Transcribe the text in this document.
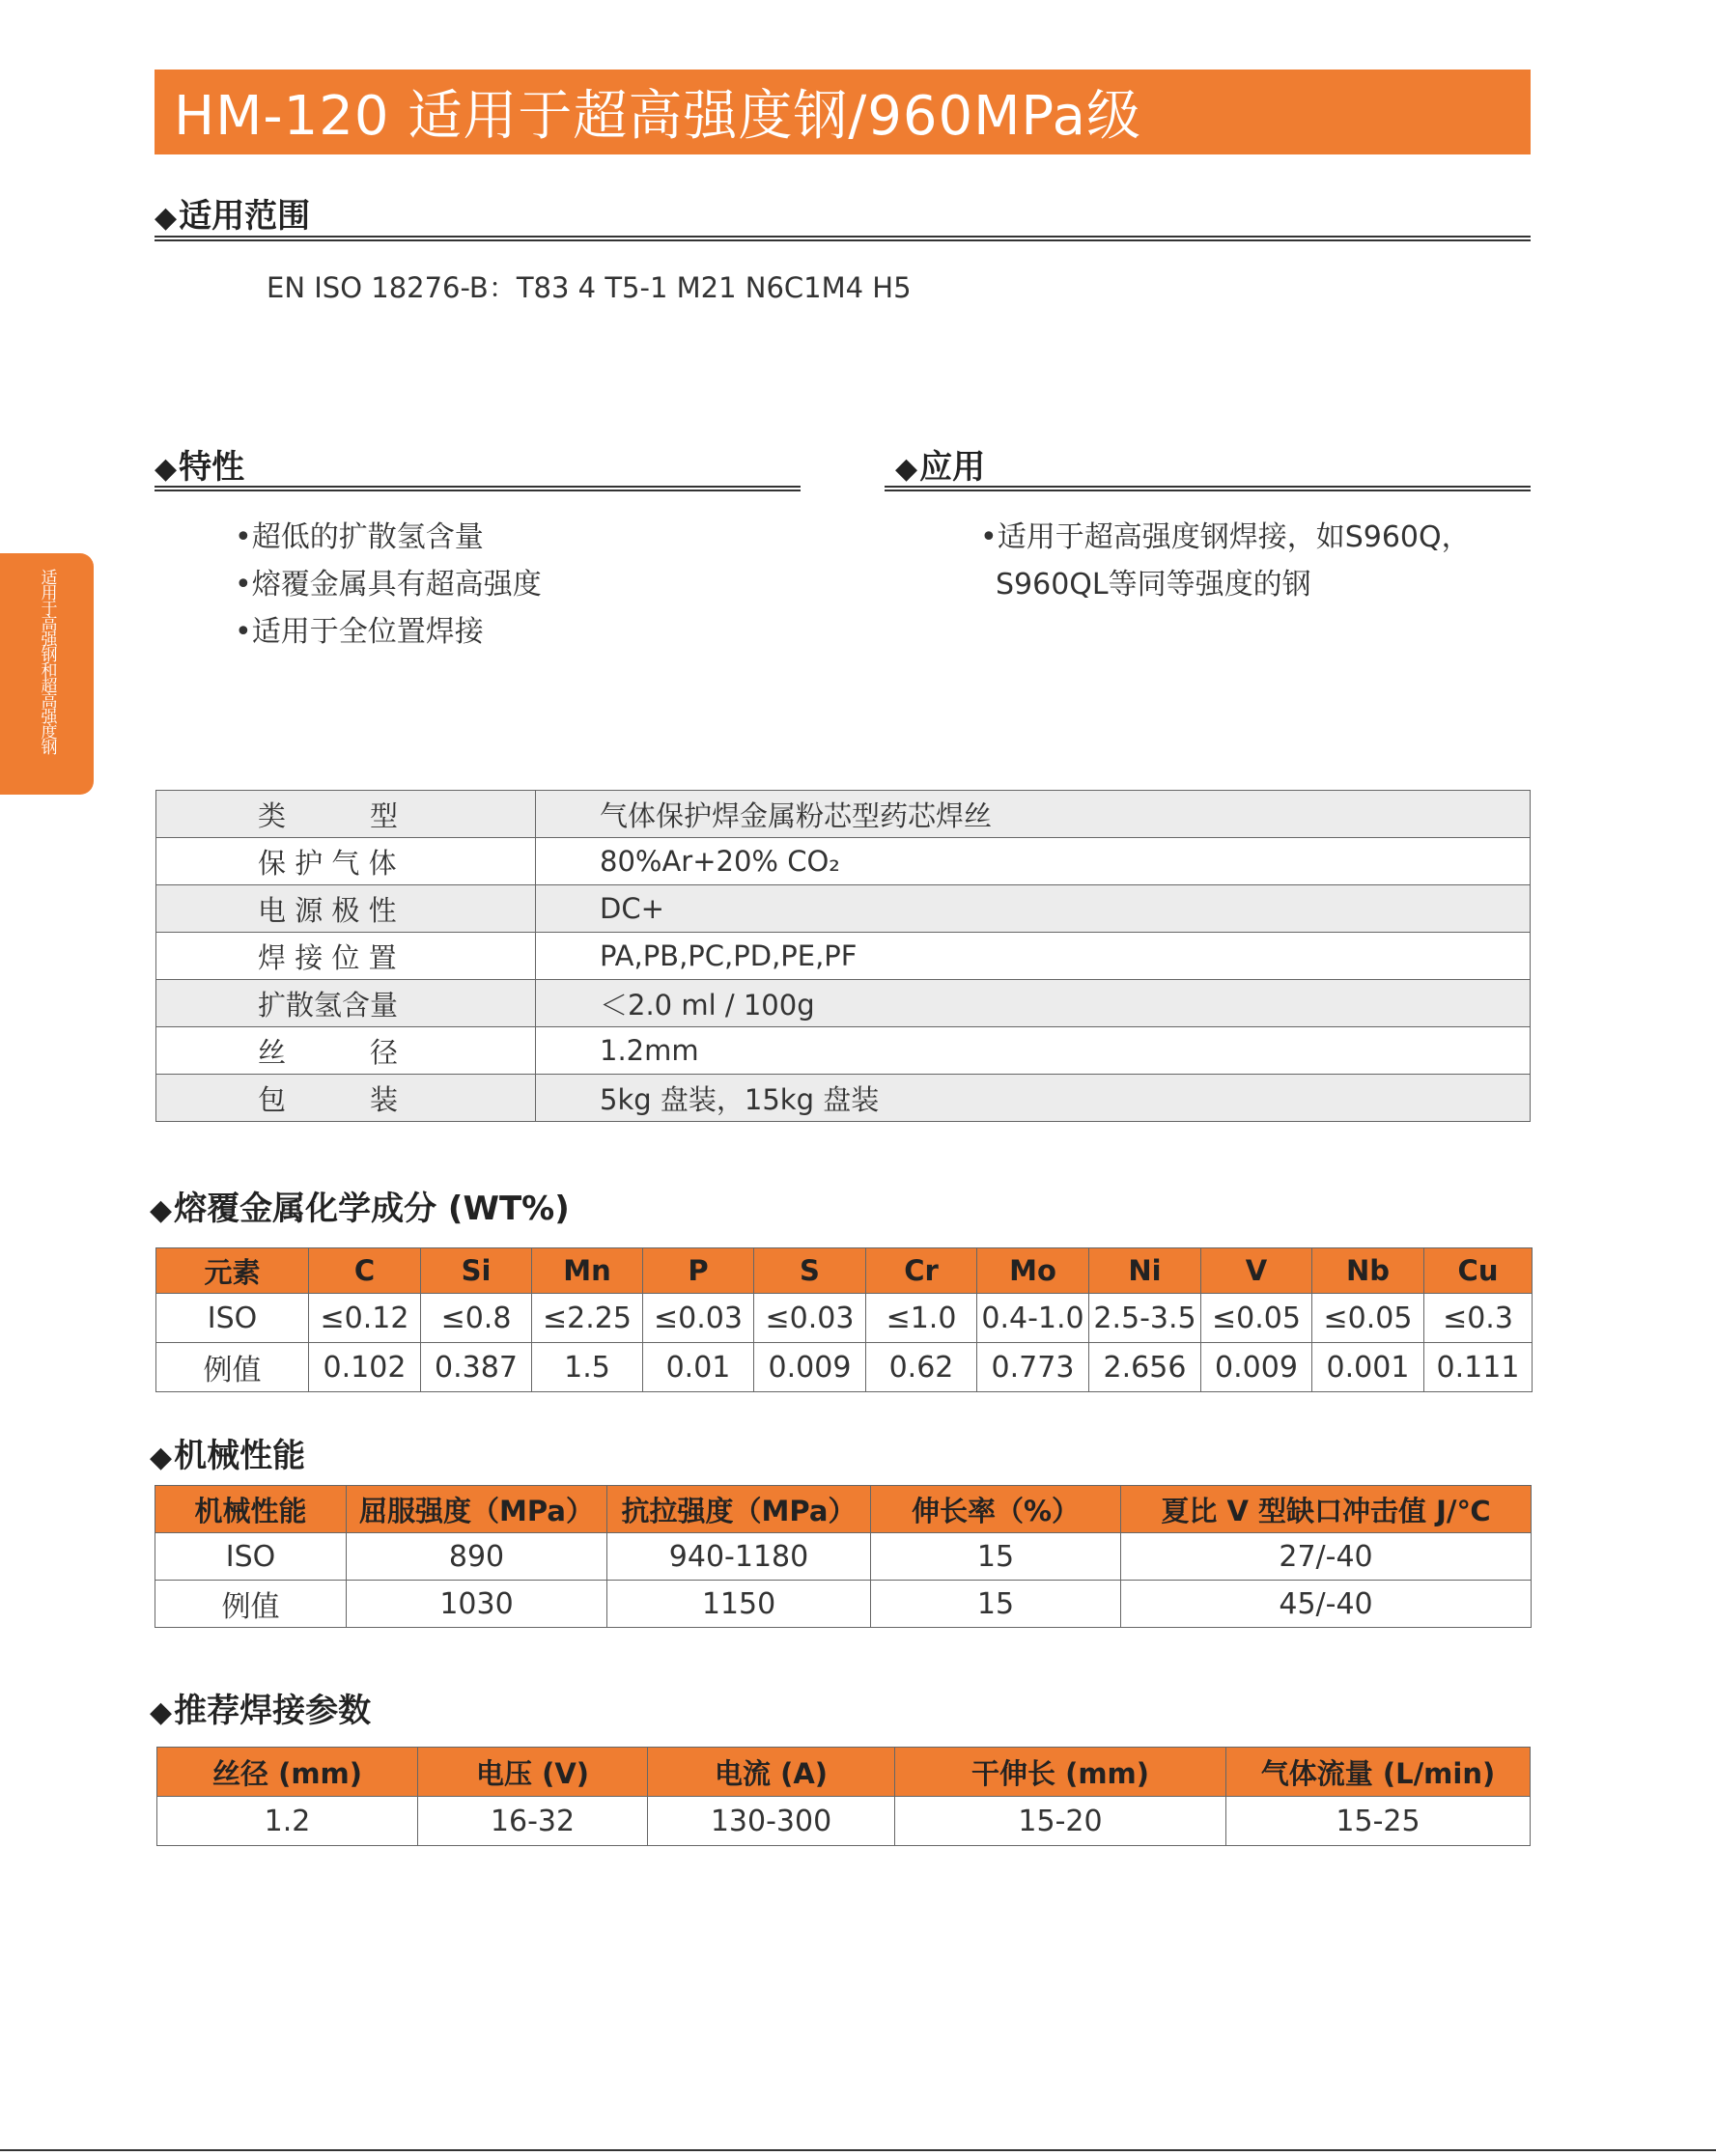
HM-120 适用于超高强度钢/960MPa级
适用于高强钢和超高强度钢
◆适用范围
EN ISO 18276-B：T83 4 T5-1 M21 N6C1M4 H5
◆特性
•超低的扩散氢含量
•熔覆金属具有超高强度
•适用于全位置焊接
◆应用
•适用于超高强度钢焊接，如S960Q，
S960QL等同等强度的钢
类　　　型	气体保护焊金属粉芯型药芯焊丝
保 护 气 体	80%Ar+20% CO₂
电 源 极 性	DC+
焊 接 位 置	PA,PB,PC,PD,PE,PF
扩散氢含量	＜2.0 ml / 100g
丝　　　径	1.2mm
包　　　装	5kg 盘装，15kg 盘装
◆熔覆金属化学成分 (WT%)
元素	C	Si	Mn	P	S	Cr	Mo	Ni	V	Nb	Cu
ISO	≤0.12	≤0.8	≤2.25	≤0.03	≤0.03	≤1.0	0.4-1.0	2.5-3.5	≤0.05	≤0.05	≤0.3
例值	0.102	0.387	1.5	0.01	0.009	0.62	0.773	2.656	0.009	0.001	0.111
◆机械性能
机械性能	屈服强度（MPa）	抗拉强度（MPa）	伸长率（%）	夏比 V 型缺口冲击值 J/℃
ISO	890	940-1180	15	27/-40
例值	1030	1150	15	45/-40
◆推荐焊接参数
丝径 (mm)	电压 (V)	电流 (A)	干伸长 (mm)	气体流量 (L/min)
1.2	16-32	130-300	15-20	15-25
